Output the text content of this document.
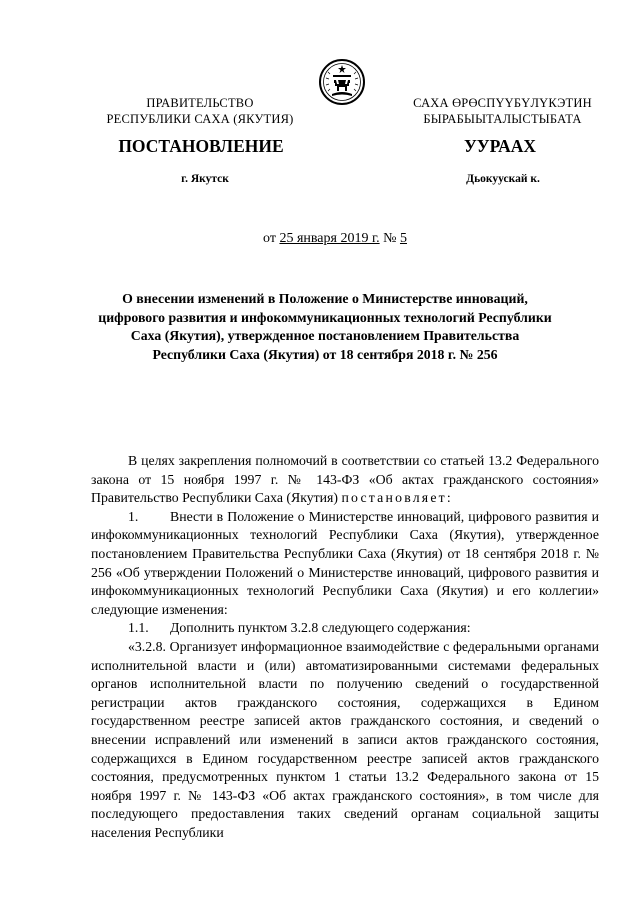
ПРАВИТЕЛЬСТВО
РЕСПУБЛИКИ САХА (ЯКУТИЯ)
САХА ӨРӨСПҮҮБҮЛҮКЭТИН
БЫРАБЫЫТАЛЫСТЫБАТА
ПОСТАНОВЛЕНИЕ	УУРААХ
г. Якутск	Дьокуускай к.
от 25 января 2019 г. № 5
О внесении изменений в Положение о Министерстве инноваций,
цифрового развития и инфокоммуникационных технологий Республики
Саха (Якутия), утвержденное постановлением Правительства
Республики Саха (Якутия) от 18 сентября 2018 г. № 256

В целях закрепления полномочий в соответствии со статьей 13.2 Федерального закона от 15 ноября 1997 г. № 143-ФЗ «Об актах гражданского состояния» Правительство Республики Саха (Якутия) постановляет:

1. Внести в Положение о Министерстве инноваций, цифрового развития и инфокоммуникационных технологий Республики Саха (Якутия), утвержденное постановлением Правительства Республики Саха (Якутия) от 18 сентября 2018 г. № 256 «Об утверждении Положений о Министерстве инноваций, цифрового развития и инфокоммуникационных технологий Республики Саха (Якутия) и его коллегии» следующие изменения:

1.1. Дополнить пунктом 3.2.8 следующего содержания:

«3.2.8. Организует информационное взаимодействие с федеральными органами исполнительной власти и (или) автоматизированными системами федеральных органов исполнительной власти по получению сведений о государственной регистрации актов гражданского состояния, содержащихся в Едином государственном реестре записей актов гражданского состояния, и сведений о внесении исправлений или изменений в записи актов гражданского состояния, содержащихся в Едином государственном реестре записей актов гражданского состояния, предусмотренных пунктом 1 статьи 13.2 Федерального закона от 15 ноября 1997 г. № 143-ФЗ «Об актах гражданского состояния», в том числе для последующего предоставления таких сведений органам социальной защиты населения Республики
